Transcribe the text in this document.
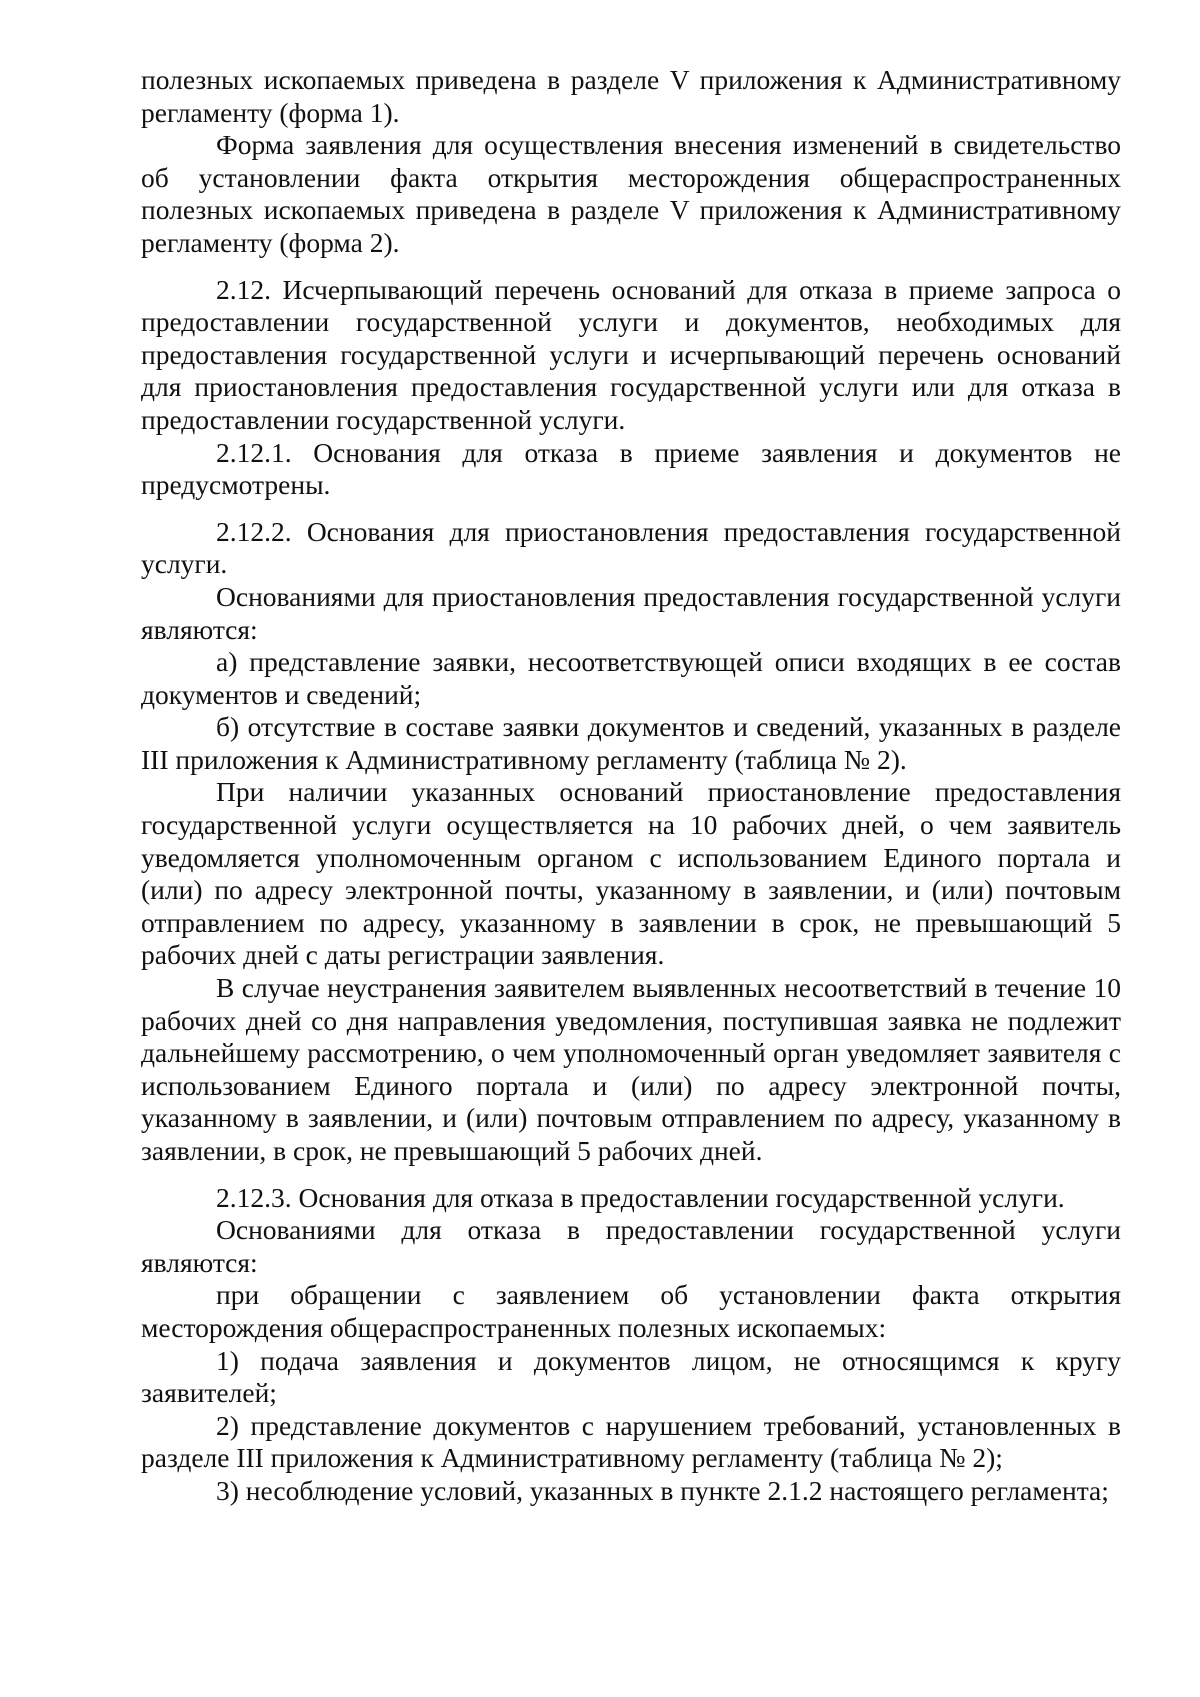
полезных ископаемых приведена в разделе V приложения к Административному регламенту (форма 1).

Форма заявления для осуществления внесения изменений в свидетельство об установлении факта открытия месторождения общераспространенных полезных ископаемых приведена в разделе V приложения к Административному регламенту (форма 2).

2.12. Исчерпывающий перечень оснований для отказа в приеме запроса о предоставлении государственной услуги и документов, необходимых для предоставления государственной услуги и исчерпывающий перечень оснований для приостановления предоставления государственной услуги или для отказа в предоставлении государственной услуги.

2.12.1. Основания для отказа в приеме заявления и документов не предусмотрены.

2.12.2. Основания для приостановления предоставления государственной услуги.

Основаниями для приостановления предоставления государственной услуги являются:

а) представление заявки, несоответствующей описи входящих в ее состав документов и сведений;

б) отсутствие в составе заявки документов и сведений, указанных в разделе III приложения к Административному регламенту (таблица № 2).

При наличии указанных оснований приостановление предоставления государственной услуги осуществляется на 10 рабочих дней, о чем заявитель уведомляется уполномоченным органом с использованием Единого портала и (или) по адресу электронной почты, указанному в заявлении, и (или) почтовым отправлением по адресу, указанному в заявлении в срок, не превышающий 5 рабочих дней с даты регистрации заявления.

В случае неустранения заявителем выявленных несоответствий в течение 10 рабочих дней со дня направления уведомления, поступившая заявка не подлежит дальнейшему рассмотрению, о чем уполномоченный орган уведомляет заявителя с использованием Единого портала и (или) по адресу электронной почты, указанному в заявлении, и (или) почтовым отправлением по адресу, указанному в заявлении, в срок, не превышающий 5 рабочих дней.

2.12.3. Основания для отказа в предоставлении государственной услуги.

Основаниями для отказа в предоставлении государственной услуги являются:

при обращении с заявлением об установлении факта открытия месторождения общераспространенных полезных ископаемых:

1) подача заявления и документов лицом, не относящимся к кругу заявителей;

2) представление документов с нарушением требований, установленных в разделе III приложения к Административному регламенту (таблица № 2);

3) несоблюдение условий, указанных в пункте 2.1.2 настоящего регламента;
